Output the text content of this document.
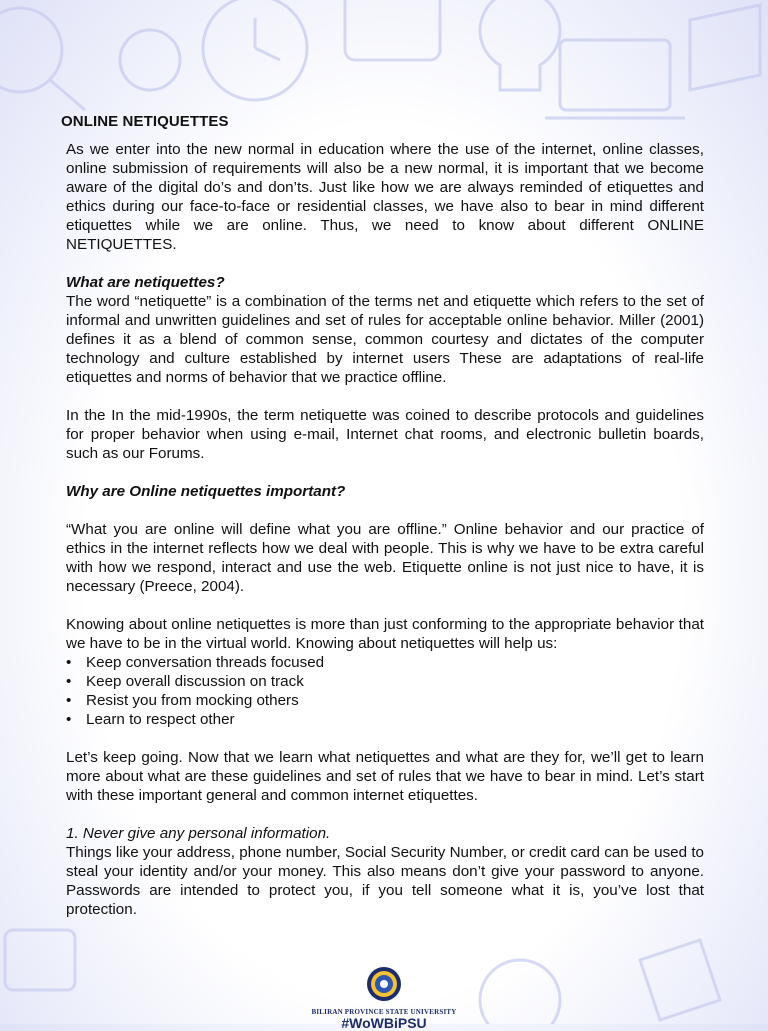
ONLINE NETIQUETTES

As we enter into the new normal in education where the use of the internet, online classes, online submission of requirements will also be a new normal, it is important that we become aware of the digital do’s and don’ts. Just like how we are always reminded of etiquettes and ethics during our face-to-face or residential classes, we have also to bear in mind different etiquettes while we are online. Thus, we need to know about different ONLINE NETIQUETTES.

What are netiquettes?

The word “netiquette” is a combination of the terms net and etiquette which refers to the set of informal and unwritten guidelines and set of rules for acceptable online behavior. Miller (2001) defines it as a blend of common sense, common courtesy and dictates of the computer technology and culture established by internet users These are adaptations of real-life etiquettes and norms of behavior that we practice offline.

In the In the mid-1990s, the term netiquette was coined to describe protocols and guidelines for proper behavior when using e-mail, Internet chat rooms, and electronic bulletin boards, such as our Forums.

Why are Online netiquettes important?

“What you are online will define what you are offline.” Online behavior and our practice of ethics in the internet reflects how we deal with people. This is why we have to be extra careful with how we respond, interact and use the web. Etiquette online is not just nice to have, it is necessary (Preece, 2004).

Knowing about online netiquettes is more than just conforming to the appropriate behavior that we have to be in the virtual world. Knowing about netiquettes will help us:

• Keep conversation threads focused
• Keep overall discussion on track
• Resist you from mocking others
• Learn to respect other

Let’s keep going. Now that we learn what netiquettes and what are they for, we’ll get to learn more about what are these guidelines and set of rules that we have to bear in mind. Let’s start with these important general and common internet etiquettes.

1. Never give any personal information.

Things like your address, phone number, Social Security Number, or credit card can be used to steal your identity and/or your money. This also means don’t give your password to anyone. Passwords are intended to protect you, if you tell someone what it is, you’ve lost that protection.

BILIRAN PROVINCE STATE UNIVERSITY
#WoWBiPSU
